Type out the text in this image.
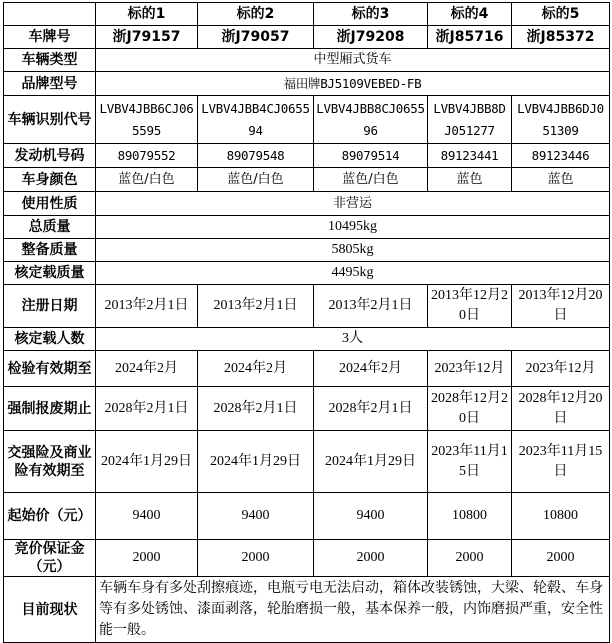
	标的1	标的2	标的3	标的4	标的5
车牌号	浙J79157	浙J79057	浙J79208	浙J85716	浙J85372
车辆类型	中型厢式货车				
品牌型号	福田牌BJ5109VEBED-FB				
车辆识别代号	LVBV4JBB6CJ065595	LVBV4JBB4CJ065594	LVBV4JBB8CJ065596	LVBV4JBB8DJ051277	LVBV4JBB6DJ051309
发动机号码	89079552	89079548	89079514	89123441	89123446
车身颜色	蓝色/白色	蓝色/白色	蓝色/白色	蓝色	蓝色
使用性质	非营运				
总质量	10495kg				
整备质量	5805kg				
核定载质量	4495kg				
注册日期	2013年2月1日	2013年2月1日	2013年2月1日	2013年12月20日	2013年12月20日
核定载人数	3人				
检验有效期至	2024年2月	2024年2月	2024年2月	2023年12月	2023年12月
强制报废期止	2028年2月1日	2028年2月1日	2028年2月1日	2028年12月20日	2028年12月20日
交强险及商业险有效期至	2024年1月29日	2024年1月29日	2024年1月29日	2023年11月15日	2023年11月15日
起始价（元）	9400	9400	9400	10800	10800
竞价保证金（元）	2000	2000	2000	2000	2000
目前现状	车辆车身有多处刮擦痕迹，电瓶亏电无法启动，箱体改装锈蚀，大梁、轮毂、车身等有多处锈蚀、漆面剥落，轮胎磨损一般，基本保养一般，内饰磨损严重，安全性能一般。				
